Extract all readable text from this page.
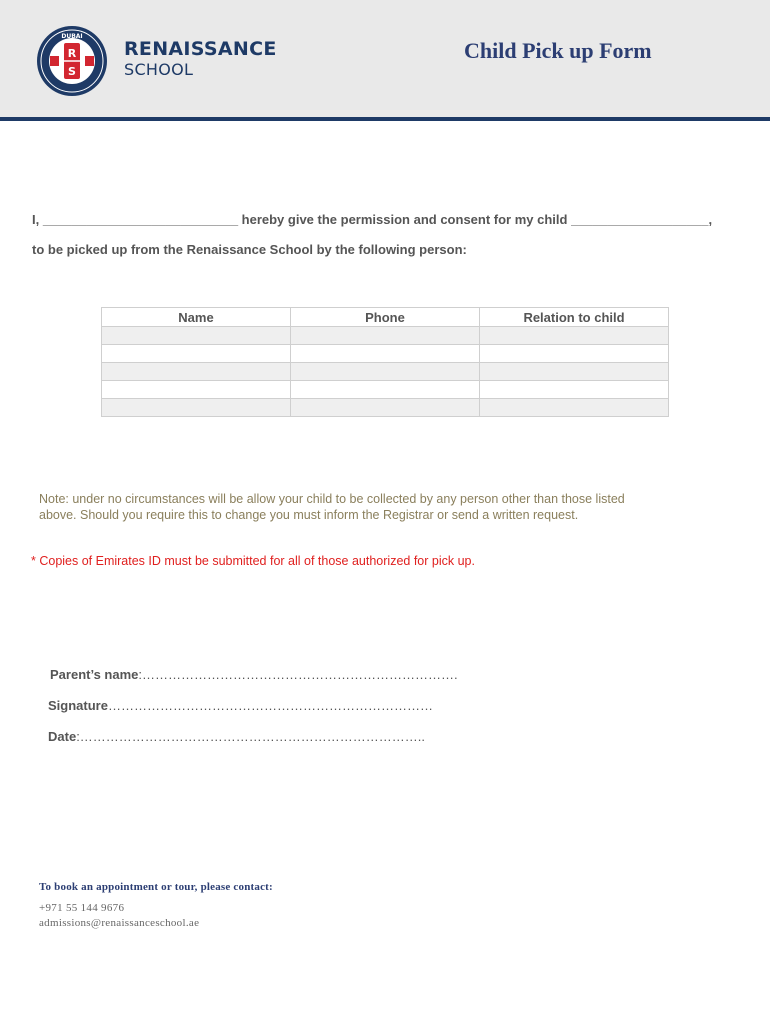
DUBAI
R
S
RENAISSANCE
SCHOOL
Child Pick up Form
I, ___________________________ hereby give the permission and consent for my child ___________________,
to be picked up from the Renaissance School by the following person:
Name	Phone	Relation to child

Note: under no circumstances will be allow your child to be collected by any person other than those listed above. Should you require this to change you must inform the Registrar or send a written request.
* Copies of Emirates ID must be submitted for all of those authorized for pick up.
Parent’s name:……………………………………………………………….
Signature…………………………………………………………………
Date:……………………………………………………………………..
To book an appointment or tour, please contact:
+971 55 144 9676
admissions@renaissanceschool.ae
